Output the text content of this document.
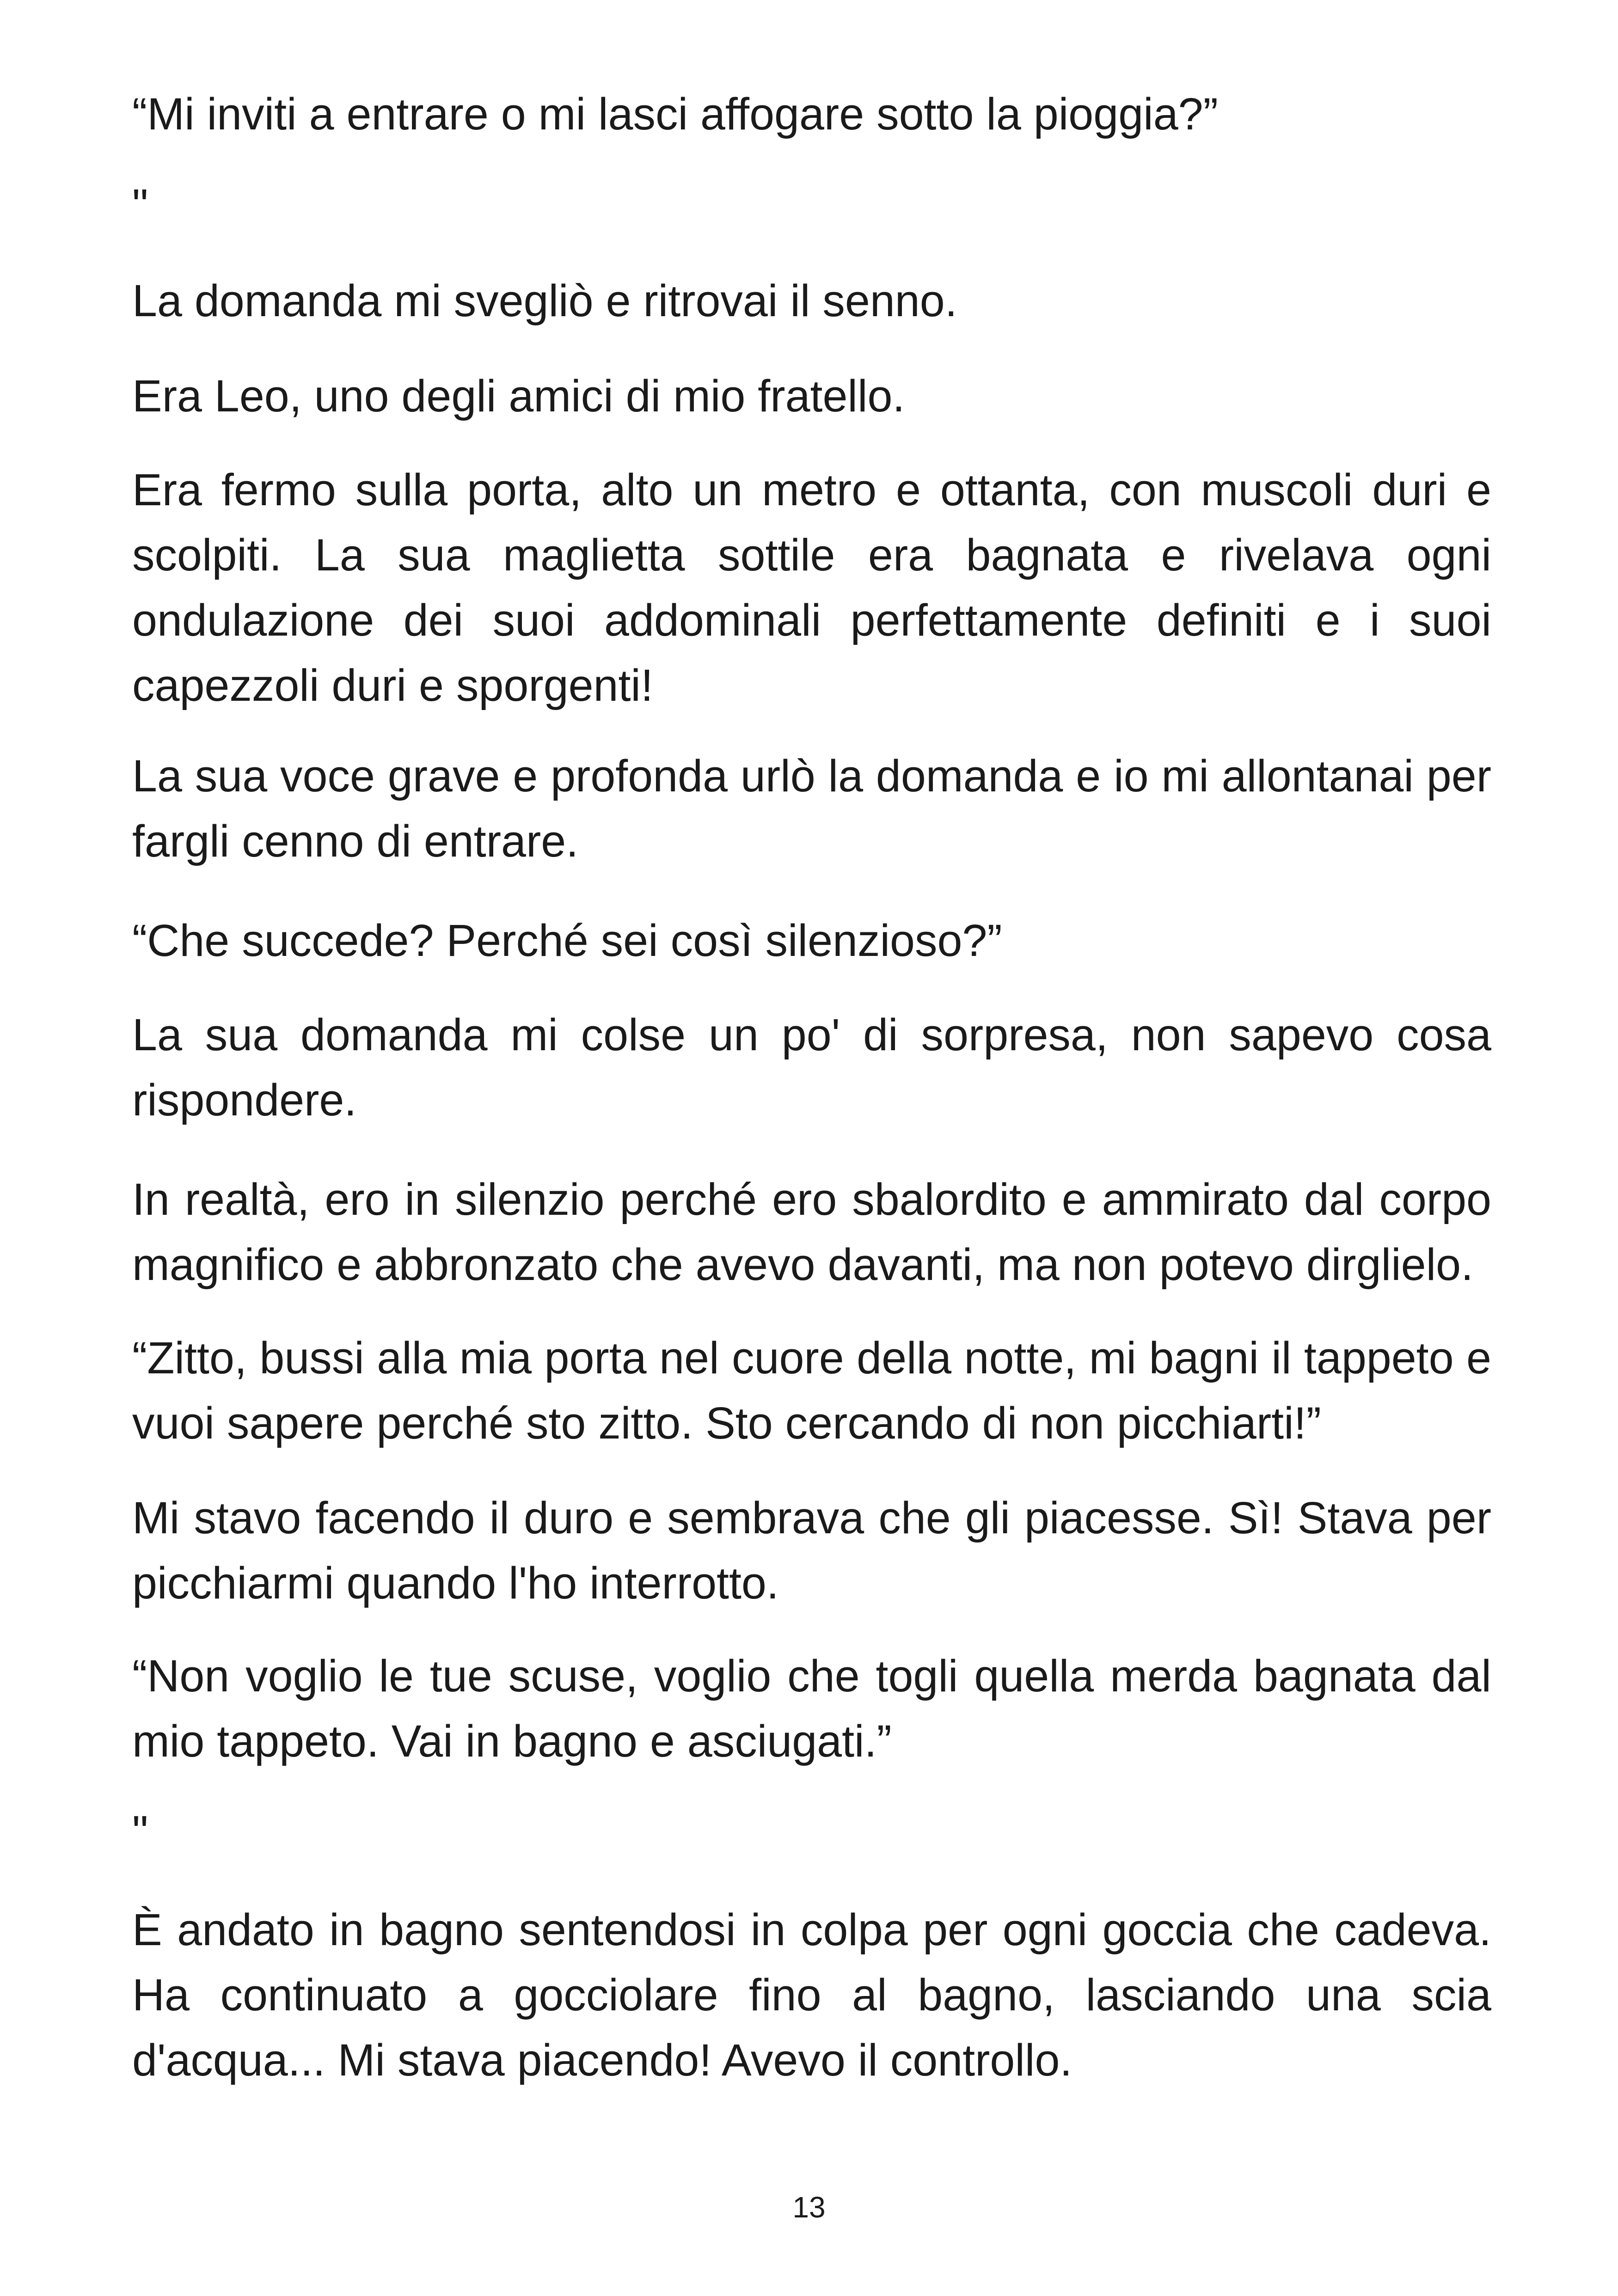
“Mi inviti a entrare o mi lasci affogare sotto la pioggia?”

"

La domanda mi svegliò e ritrovai il senno.

Era Leo, uno degli amici di mio fratello.

Era fermo sulla porta, alto un metro e ottanta, con muscoli duri e scolpiti. La sua maglietta sottile era bagnata e rivelava ogni ondulazione dei suoi addominali perfettamente definiti e i suoi capezzoli duri e sporgenti!

La sua voce grave e profonda urlò la domanda e io mi allontanai per fargli cenno di entrare.

“Che succede? Perché sei così silenzioso?”

La sua domanda mi colse un po' di sorpresa, non sapevo cosa rispondere.

In realtà, ero in silenzio perché ero sbalordito e ammirato dal corpo magnifico e abbronzato che avevo davanti, ma non potevo dirglielo.

“Zitto, bussi alla mia porta nel cuore della notte, mi bagni il tappeto e vuoi sapere perché sto zitto. Sto cercando di non picchiarti!”

Mi stavo facendo il duro e sembrava che gli piacesse. Sì! Stava per picchiarmi quando l'ho interrotto.

“Non voglio le tue scuse, voglio che togli quella merda bagnata dal mio tappeto. Vai in bagno e asciugati.”

"

È andato in bagno sentendosi in colpa per ogni goccia che cadeva. Ha continuato a gocciolare fino al bagno, lasciando una scia d'acqua... Mi stava piacendo! Avevo il controllo.

13
